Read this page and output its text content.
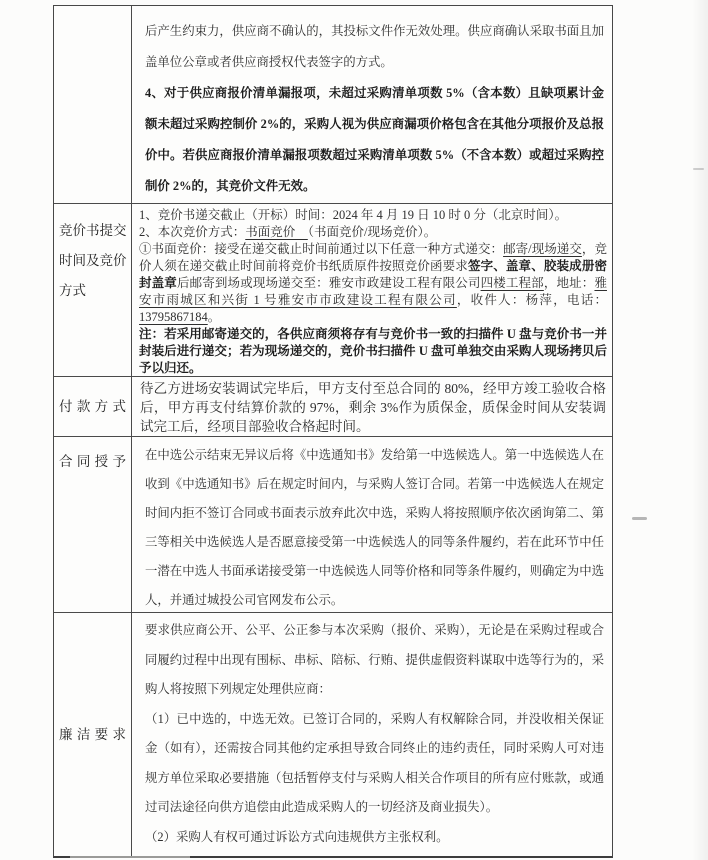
后产生约束力，供应商不确认的，其投标文件作无效处理。供应商确认采取书面且加盖单位公章或者供应商授权代表签字的方式。
4、对于供应商报价清单漏报项，未超过采购清单项数 5%（含本数）且缺项累计金额未超过采购控制价 2%的，采购人视为供应商漏项价格包含在其他分项报价及总报价中。若供应商报价清单漏报项数超过采购清单项数 5%（不含本数）或超过采购控制价 2%的，其竞价文件无效。
竞价书提交
时间及竞价
方式
1、竞价书递交截止（开标）时间：2024 年 4 月 19 日 10 时 0 分（北京时间）。
2、本次竞价方式：书面竞价　（书面竞价/现场竞价）。
①书面竞价：接受在递交截止时间前通过以下任意一种方式递交：邮寄/现场递交，竞价人须在递交截止时间前将竞价书纸质原件按照竞价函要求签字、盖章、胶装成册密封盖章后邮寄到场或现场递交至：雅安市政建设工程有限公司四楼工程部，地址：雅安市雨城区和兴街 1 号雅安市市政建设工程有限公司，收件人：杨萍，电话：13795867184。
注：若采用邮寄递交的，各供应商须将存有与竞价书一致的扫描件 U 盘与竞价书一并封装后进行递交；若为现场递交的，竞价书扫描件 U 盘可单独交由采购人现场拷贝后予以归还。
付款方式
待乙方进场安装调试完毕后，甲方支付至总合同的 80%，经甲方竣工验收合格后，甲方再支付结算价款的 97%，剩余 3%作为质保金，质保金时间从安装调试完工后，经项目部验收合格起时间。
合同授予 在中选公示结束无异议后将《中选通知书》发给第一中选候选人。第一中选候选人在收到《中选通知书》后在规定时间内，与采购人签订合同。若第一中选候选人在规定时间内拒不签订合同或书面表示放弃此次中选，采购人将按照顺序依次函询第二、第三等相关中选候选人是否愿意接受第一中选候选人的同等条件履约，若在此环节中任一潜在中选人书面承诺接受第一中选候选人同等价格和同等条件履约，则确定为中选人，并通过城投公司官网发布公示。
廉洁要求
要求供应商公开、公平、公正参与本次采购（报价、采购），无论是在采购过程或合同履约过程中出现有围标、串标、陪标、行贿、提供虚假资料谋取中选等行为的，采购人将按照下列规定处理供应商：
（1）已中选的，中选无效。已签订合同的，采购人有权解除合同，并没收相关保证金（如有），还需按合同其他约定承担导致合同终止的违约责任，同时采购人可对违规方单位采取必要措施（包括暂停支付与采购人相关合作项目的所有应付账款，或通过司法途径向供方追偿由此造成采购人的一切经济及商业损失）。
（2）采购人有权可通过诉讼方式向违规供方主张权利。
